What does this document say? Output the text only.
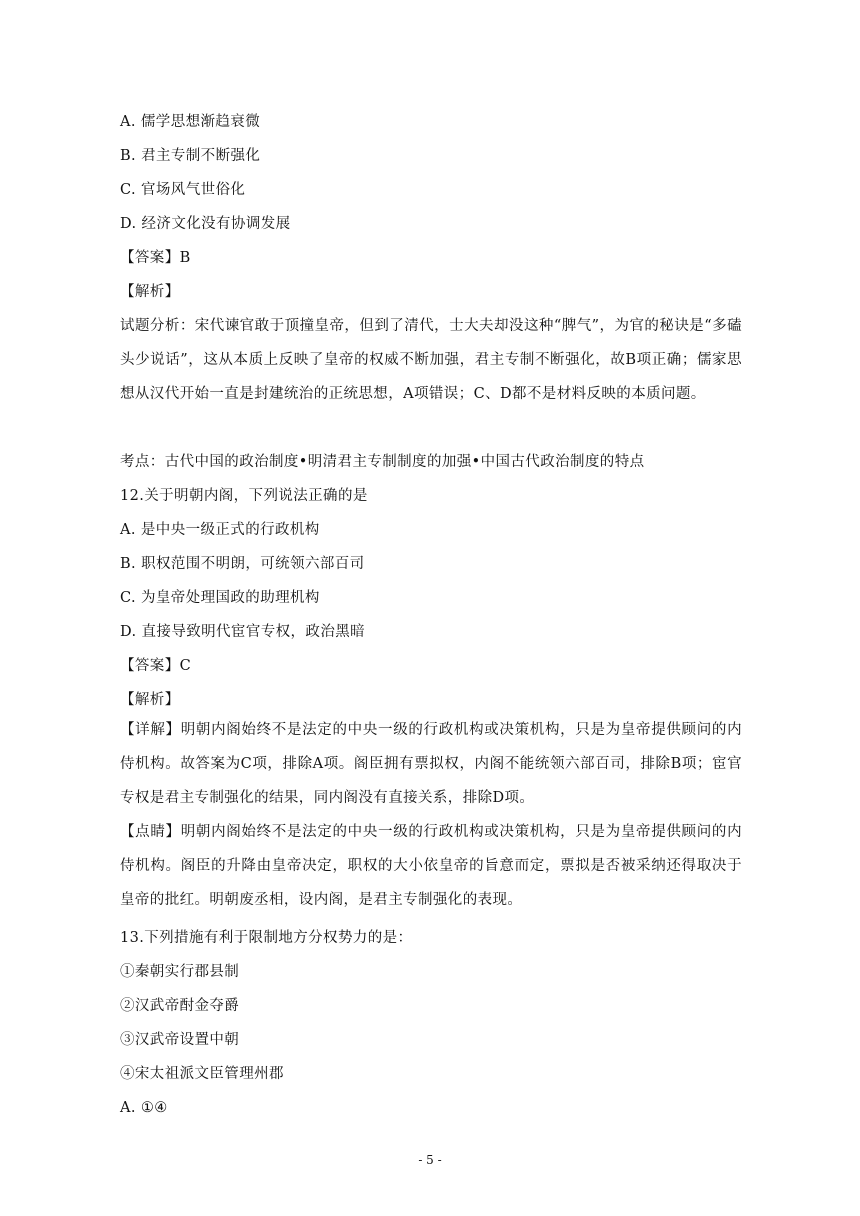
A. 儒学思想渐趋衰微
B. 君主专制不断强化
C. 官场风气世俗化
D. 经济文化没有协调发展
【答案】B
【解析】
试题分析：宋代谏官敢于顶撞皇帝，但到了清代，士大夫却没这种“脾气”，为官的秘诀是“多磕头少说话”，这从本质上反映了皇帝的权威不断加强，君主专制不断强化，故B项正确；儒家思想从汉代开始一直是封建统治的正统思想，A项错误；C、D都不是材料反映的本质问题。
考点：古代中国的政治制度•明清君主专制制度的加强•中国古代政治制度的特点
12.关于明朝内阁，下列说法正确的是
A. 是中央一级正式的行政机构
B. 职权范围不明朗，可统领六部百司
C. 为皇帝处理国政的助理机构
D. 直接导致明代宦官专权，政治黑暗
【答案】C
【解析】
【详解】明朝内阁始终不是法定的中央一级的行政机构或决策机构，只是为皇帝提供顾问的内侍机构。故答案为C项，排除A项。阁臣拥有票拟权，内阁不能统领六部百司，排除B项；宦官专权是君主专制强化的结果，同内阁没有直接关系，排除D项。
【点睛】明朝内阁始终不是法定的中央一级的行政机构或决策机构，只是为皇帝提供顾问的内侍机构。阁臣的升降由皇帝决定，职权的大小依皇帝的旨意而定，票拟是否被采纳还得取决于皇帝的批红。明朝废丞相，设内阁，是君主专制强化的表现。
13.下列措施有利于限制地方分权势力的是：
①秦朝实行郡县制
②汉武帝酎金夺爵
③汉武帝设置中朝
④宋太祖派文臣管理州郡
A. ①④
- 5 -
